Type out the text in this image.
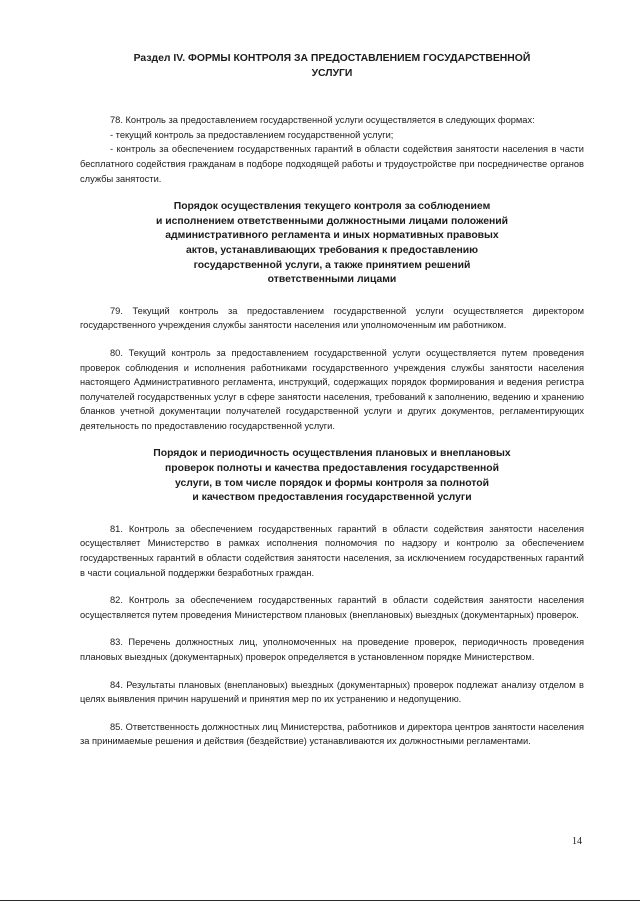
Раздел IV. ФОРМЫ КОНТРОЛЯ ЗА ПРЕДОСТАВЛЕНИЕМ ГОСУДАРСТВЕННОЙ
УСЛУГИ

78. Контроль за предоставлением государственной услуги осуществляется в следующих формах:

- текущий контроль за предоставлением государственной услуги;

- контроль за обеспечением государственных гарантий в области содействия занятости населения в части бесплатного содействия гражданам в подборе подходящей работы и трудоустройстве при посредничестве органов службы занятости.

Порядок осуществления текущего контроля за соблюдением
и исполнением ответственными должностными лицами положений
административного регламента и иных нормативных правовых
актов, устанавливающих требования к предоставлению
государственной услуги, а также принятием решений
ответственными лицами

79. Текущий контроль за предоставлением государственной услуги осуществляется директором государственного учреждения службы занятости населения или уполномоченным им работником.

80. Текущий контроль за предоставлением государственной услуги осуществляется путем проведения проверок соблюдения и исполнения работниками государственного учреждения службы занятости населения настоящего Административного регламента, инструкций, содержащих порядок формирования и ведения регистра получателей государственных услуг в сфере занятости населения, требований к заполнению, ведению и хранению бланков учетной документации получателей государственной услуги и других документов, регламентирующих деятельность по предоставлению государственной услуги.

Порядок и периодичность осуществления плановых и внеплановых
проверок полноты и качества предоставления государственной
услуги, в том числе порядок и формы контроля за полнотой
и качеством предоставления государственной услуги

81. Контроль за обеспечением государственных гарантий в области содействия занятости населения осуществляет Министерство в рамках исполнения полномочия по надзору и контролю за обеспечением государственных гарантий в области содействия занятости населения, за исключением государственных гарантий в части социальной поддержки безработных граждан.

82. Контроль за обеспечением государственных гарантий в области содействия занятости населения осуществляется путем проведения Министерством плановых (внеплановых) выездных (документарных) проверок.

83. Перечень должностных лиц, уполномоченных на проведение проверок, периодичность проведения плановых выездных (документарных) проверок определяется в установленном порядке Министерством.

84. Результаты плановых (внеплановых) выездных (документарных) проверок подлежат анализу отделом в целях выявления причин нарушений и принятия мер по их устранению и недопущению.

85. Ответственность должностных лиц Министерства, работников и директора центров занятости населения за принимаемые решения и действия (бездействие) устанавливаются их должностными регламентами.

14
